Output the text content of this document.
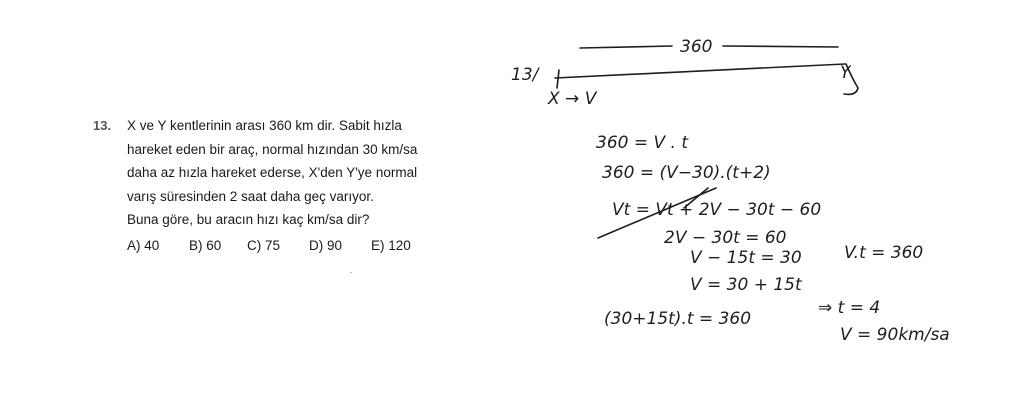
13. X ve Y kentlerinin arası 360 km dir. Sabit hızla
hareket eden bir araç, normal hızından 30 km/sa
daha az hızla hareket ederse, X'den Y'ye normal
varış süresinden 2 saat daha geç varıyor.
Buna göre, bu aracın hızı kaç km/sa dir?
A) 40 B) 60 C) 75 D) 90 E) 120
13/
360
X → V
Y
360 = V . t
360 = (V−30).(t+2)
Vt = Vt + 2V − 30t − 60
2V − 30t = 60
V − 15t = 30 V.t = 360
V = 30 + 15t
(30+15t).t = 360
⇒ t = 4
V = 90km/sa
